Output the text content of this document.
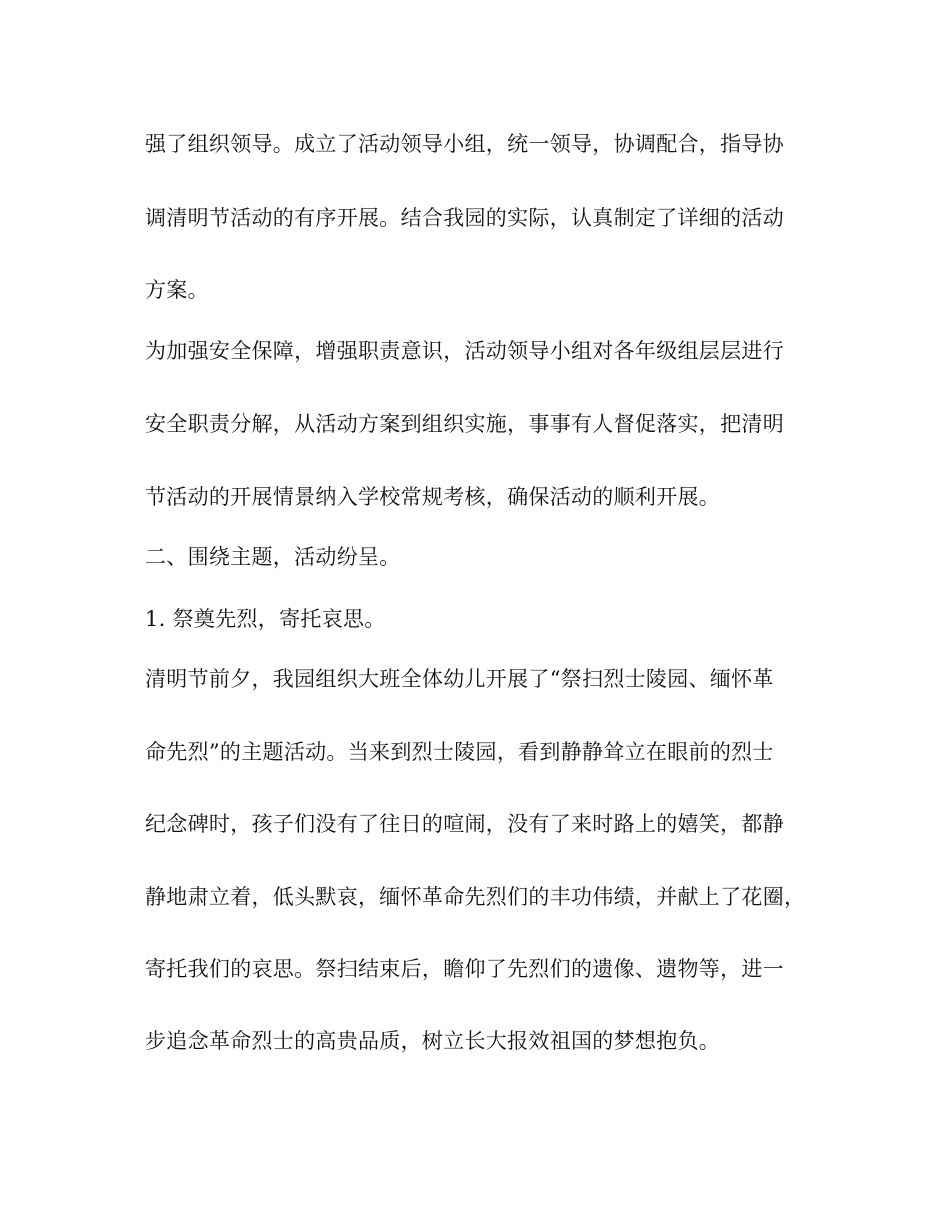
强了组织领导。成立了活动领导小组，统一领导，协调配合，指导协
调清明节活动的有序开展。结合我园的实际，认真制定了详细的活动
方案。
为加强安全保障，增强职责意识，活动领导小组对各年级组层层进行
安全职责分解，从活动方案到组织实施，事事有人督促落实，把清明
节活动的开展情景纳入学校常规考核，确保活动的顺利开展。
二、围绕主题，活动纷呈。
1. 祭奠先烈，寄托哀思。
清明节前夕，我园组织大班全体幼儿开展了“祭扫烈士陵园、缅怀革
命先烈”的主题活动。当来到烈士陵园，看到静静耸立在眼前的烈士
纪念碑时，孩子们没有了往日的喧闹，没有了来时路上的嬉笑，都静
静地肃立着，低头默哀，缅怀革命先烈们的丰功伟绩，并献上了花圈，
寄托我们的哀思。祭扫结束后，瞻仰了先烈们的遗像、遗物等，进一
步追念革命烈士的高贵品质，树立长大报效祖国的梦想抱负。
